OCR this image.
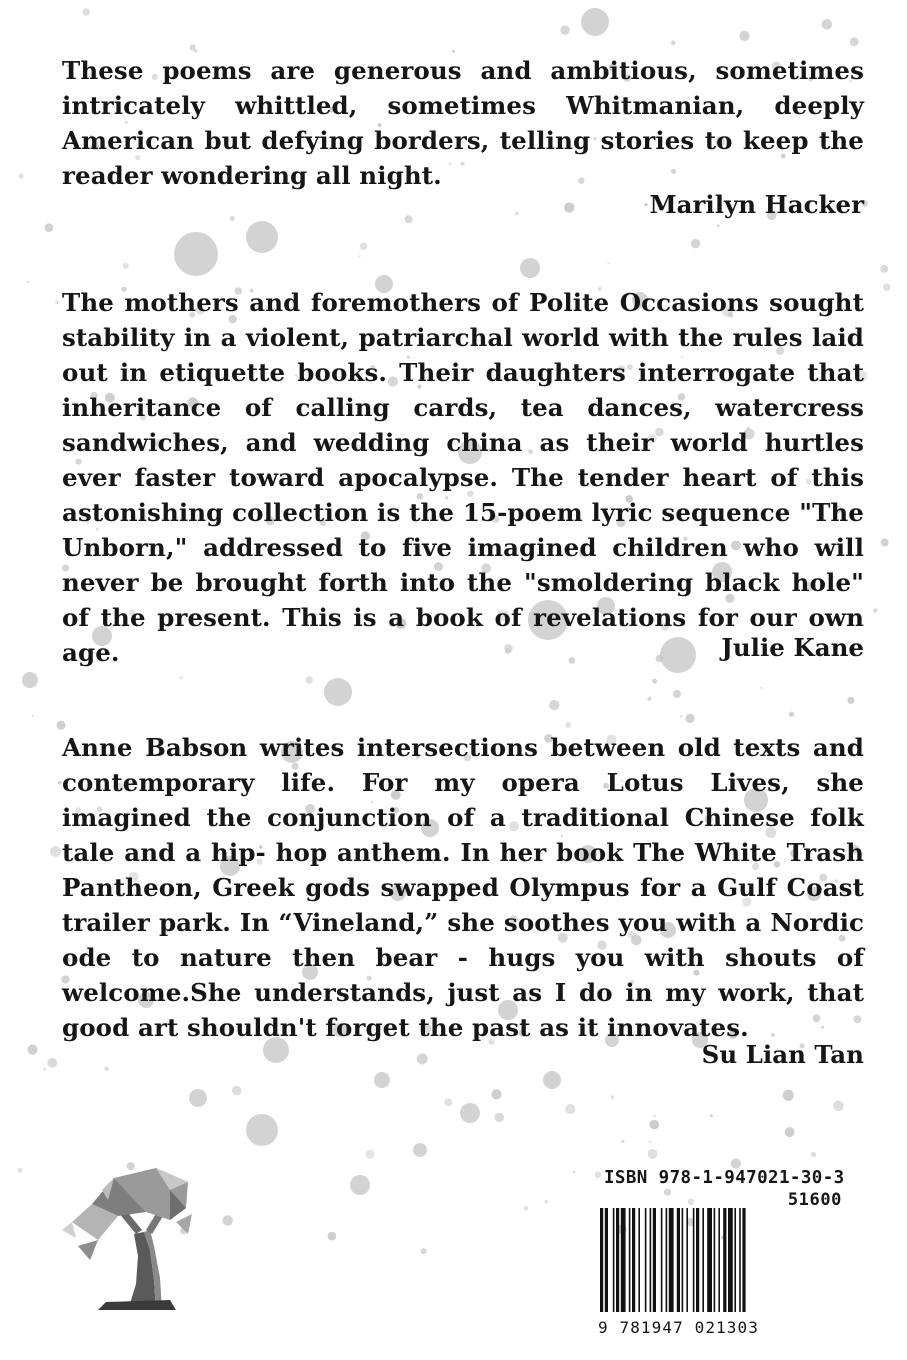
These poems are generous and ambitious, sometimes intricately whittled, sometimes Whitmanian, deeply American but defying borders, telling stories to keep the reader wondering all night.
Marilyn Hacker
The mothers and foremothers of Polite Occasions sought stability in a violent, patriarchal world with the rules laid out in etiquette books. Their daughters interrogate that inheritance of calling cards, tea dances, watercress sandwiches, and wedding china as their world hurtles ever faster toward apocalypse. The tender heart of this astonishing collection is the 15-poem lyric sequence "The Unborn," addressed to five imagined children who will never be brought forth into the "smoldering black hole" of the present. This is a book of revelations for our own age.	Julie Kane
Anne Babson writes intersections between old texts and contemporary life. For my opera Lotus Lives, she imagined the conjunction of a traditional Chinese folk tale and a hip- hop anthem. In her book The White Trash Pantheon, Greek gods swapped Olympus for a Gulf Coast trailer park. In “Vineland,” she soothes you with a Nordic ode to nature then bear - hugs you with shouts of welcome.She understands, just as I do in my work, that good art shouldn't forget the past as it innovates.
Su Lian Tan
ISBN 978-1-947021-30-3
51600
9 781947 021303
